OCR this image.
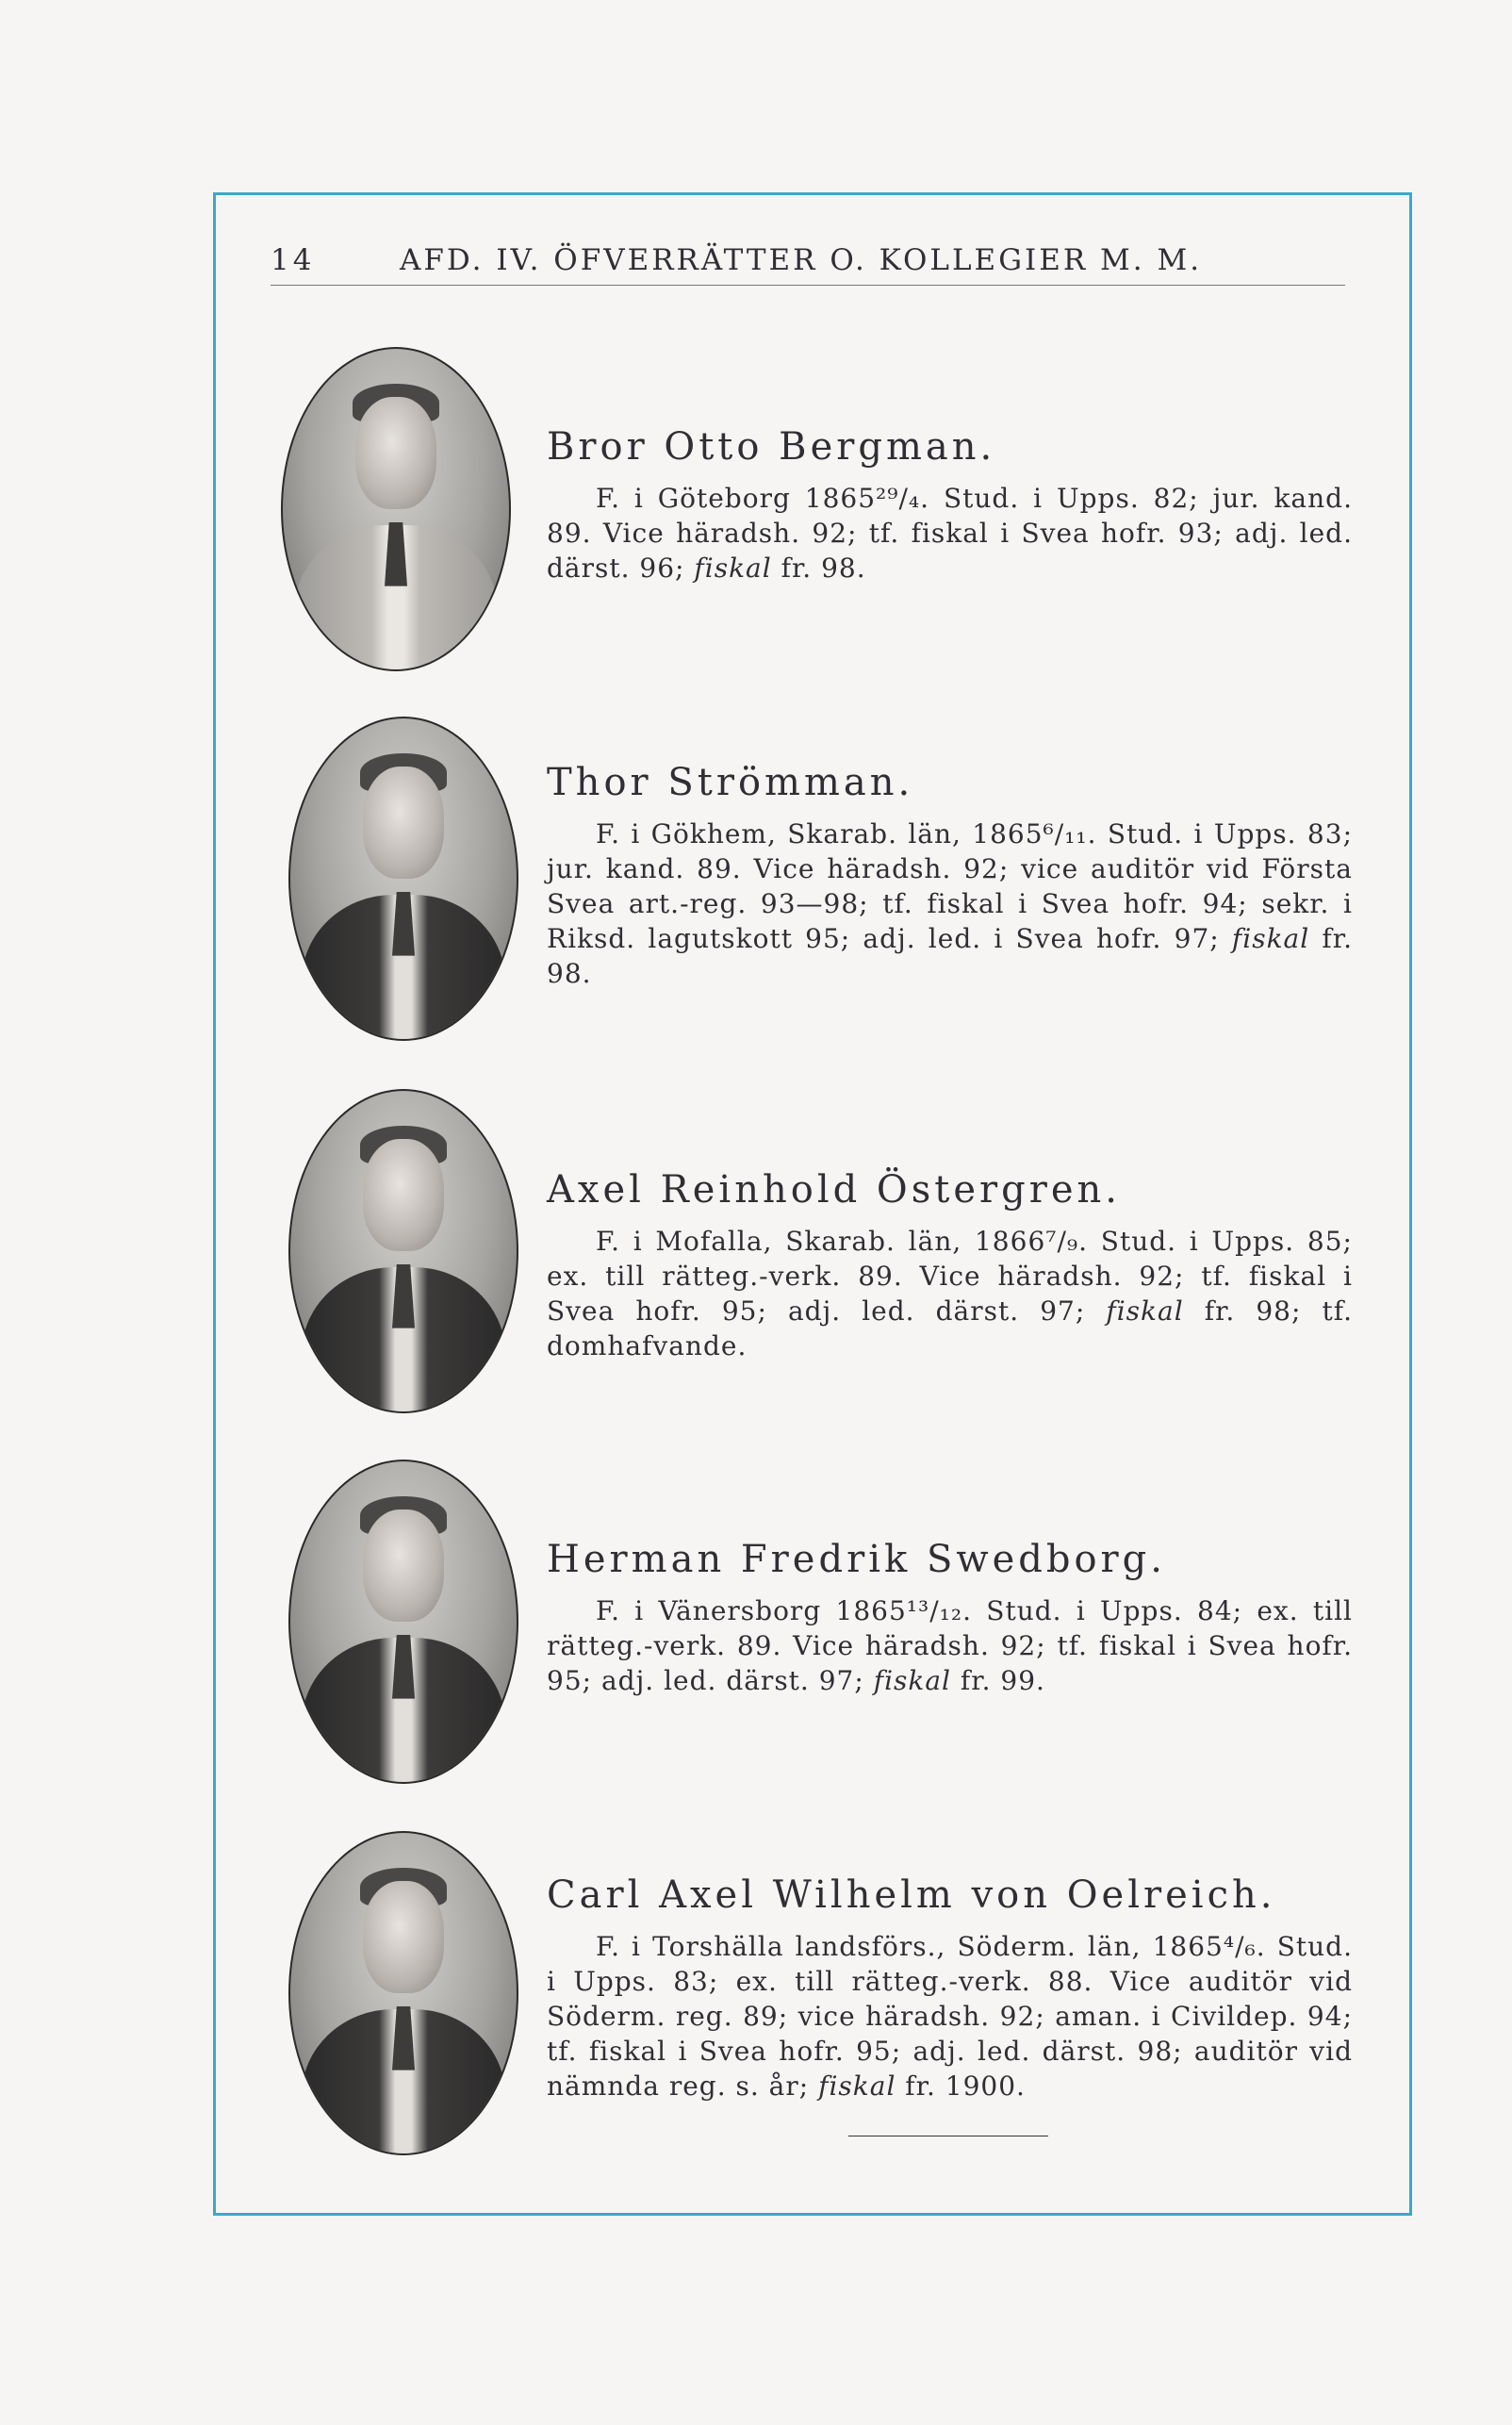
14	AFD. IV. ÖFVERRÄTTER O. KOLLEGIER M. M.
Bror Otto Bergman.

F. i Göteborg 1865²⁹/₄. Stud. i Upps. 82; jur. kand. 89. Vice häradsh. 92; tf. fiskal i Svea hofr. 93; adj. led. därst. 96; fiskal fr. 98.

Thor Strömman.

F. i Gökhem, Skarab. län, 1865⁶/₁₁. Stud. i Upps. 83; jur. kand. 89. Vice häradsh. 92; vice auditör vid Första Svea art.-reg. 93—98; tf. fiskal i Svea hofr. 94; sekr. i Riksd. lagutskott 95; adj. led. i Svea hofr. 97; fiskal fr. 98.

Axel Reinhold Östergren.

F. i Mofalla, Skarab. län, 1866⁷/₉. Stud. i Upps. 85; ex. till rätteg.-verk. 89. Vice häradsh. 92; tf. fiskal i Svea hofr. 95; adj. led. därst. 97; fiskal fr. 98; tf. domhafvande.

Herman Fredrik Swedborg.

F. i Vänersborg 1865¹³/₁₂. Stud. i Upps. 84; ex. till rätteg.-verk. 89. Vice häradsh. 92; tf. fiskal i Svea hofr. 95; adj. led. därst. 97; fiskal fr. 99.

Carl Axel Wilhelm von Oelreich.

F. i Torshälla landsförs., Söderm. län, 1865⁴/₆. Stud. i Upps. 83; ex. till rätteg.-verk. 88. Vice auditör vid Söderm. reg. 89; vice häradsh. 92; aman. i Civildep. 94; tf. fiskal i Svea hofr. 95; adj. led. därst. 98; auditör vid nämnda reg. s. år; fiskal fr. 1900.
